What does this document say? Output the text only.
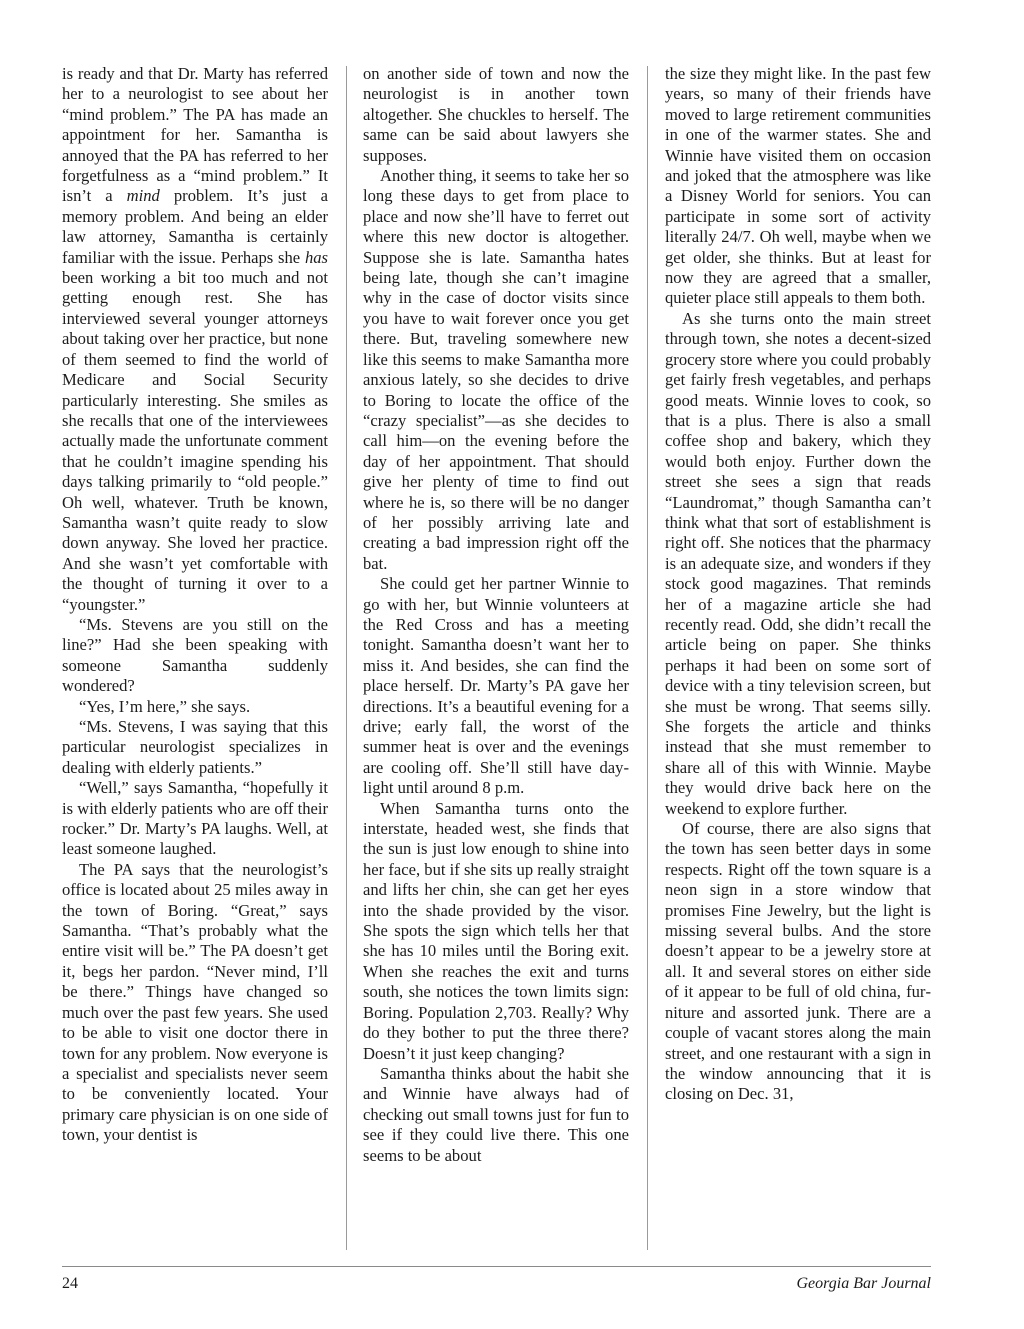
is ready and that Dr. Marty has referred her to a neurologist to see about her “mind problem.” The PA has made an appointment for her. Samantha is annoyed that the PA has referred to her forgetfulness as a “mind problem.” It isn’t a mind problem. It’s just a memory problem. And being an elder law attorney, Samantha is certainly familiar with the issue. Perhaps she has been working a bit too much and not getting enough rest. She has interviewed several younger attorneys about taking over her practice, but none of them seemed to find the world of Medicare and Social Security particularly interesting. She smiles as she recalls that one of the interviewees actually made the unfortunate comment that he couldn’t imagine spending his days talking primarily to “old people.” Oh well, whatever. Truth be known, Samantha wasn’t quite ready to slow down anyway. She loved her practice. And she wasn’t yet comfortable with the thought of turning it over to a “youngster.”

“Ms. Stevens are you still on the line?” Had she been speaking with someone Samantha suddenly wondered?

“Yes, I’m here,” she says.

“Ms. Stevens, I was saying that this particular neurologist specializes in dealing with elderly patients.”

“Well,” says Samantha, “hopefully it is with elderly patients who are off their rocker.” Dr. Marty’s PA laughs. Well, at least someone laughed.

The PA says that the neurologist’s office is located about 25 miles away in the town of Boring. “Great,” says Samantha. “That’s probably what the entire visit will be.” The PA doesn’t get it, begs her pardon. “Never mind, I’ll be there.” Things have changed so much over the past few years. She used to be able to visit one doctor there in town for any problem. Now everyone is a specialist and specialists never seem to be conveniently located. Your primary care physician is on one side of town, your dentist is

on another side of town and now the neurologist is in another town altogether. She chuckles to herself. The same can be said about lawyers she supposes.

Another thing, it seems to take her so long these days to get from place to place and now she’ll have to ferret out where this new doctor is altogether. Suppose she is late. Samantha hates being late, though she can’t imagine why in the case of doctor visits since you have to wait forever once you get there. But, traveling somewhere new like this seems to make Samantha more anxious lately, so she decides to drive to Boring to locate the office of the “crazy specialist”—as she decides to call him—on the evening before the day of her appointment. That should give her plenty of time to find out where he is, so there will be no danger of her possibly arriving late and creating a bad impression right off the bat.

She could get her partner Winnie to go with her, but Winnie volunteers at the Red Cross and has a meeting tonight. Samantha doesn’t want her to miss it. And besides, she can find the place herself. Dr. Marty’s PA gave her directions. It’s a beautiful evening for a drive; early fall, the worst of the summer heat is over and the evenings are cooling off. She’ll still have daylight until around 8 p.m.

When Samantha turns onto the interstate, headed west, she finds that the sun is just low enough to shine into her face, but if she sits up really straight and lifts her chin, she can get her eyes into the shade provided by the visor. She spots the sign which tells her that she has 10 miles until the Boring exit. When she reaches the exit and turns south, she notices the town limits sign: Boring. Population 2,703. Really? Why do they bother to put the three there? Doesn’t it just keep changing?

Samantha thinks about the habit she and Winnie have always had of checking out small towns just for fun to see if they could live there. This one seems to be about

the size they might like. In the past few years, so many of their friends have moved to large retirement communities in one of the warmer states. She and Winnie have visited them on occasion and joked that the atmosphere was like a Disney World for seniors. You can participate in some sort of activity literally 24/7. Oh well, maybe when we get older, she thinks. But at least for now they are agreed that a smaller, quieter place still appeals to them both.

As she turns onto the main street through town, she notes a decent-sized grocery store where you could probably get fairly fresh vegetables, and perhaps good meats. Winnie loves to cook, so that is a plus. There is also a small coffee shop and bakery, which they would both enjoy. Further down the street she sees a sign that reads “Laundromat,” though Samantha can’t think what that sort of establishment is right off. She notices that the pharmacy is an adequate size, and wonders if they stock good magazines. That reminds her of a magazine article she had recently read. Odd, she didn’t recall the article being on paper. She thinks perhaps it had been on some sort of device with a tiny television screen, but she must be wrong. That seems silly. She forgets the article and thinks instead that she must remember to share all of this with Winnie. Maybe they would drive back here on the weekend to explore further.

Of course, there are also signs that the town has seen better days in some respects. Right off the town square is a neon sign in a store window that promises Fine Jewelry, but the light is missing several bulbs. And the store doesn’t appear to be a jewelry store at all. It and several stores on either side of it appear to be full of old china, furniture and assorted junk. There are a couple of vacant stores along the main street, and one restaurant with a sign in the window announcing that it is closing on Dec. 31,

24	Georgia Bar Journal
